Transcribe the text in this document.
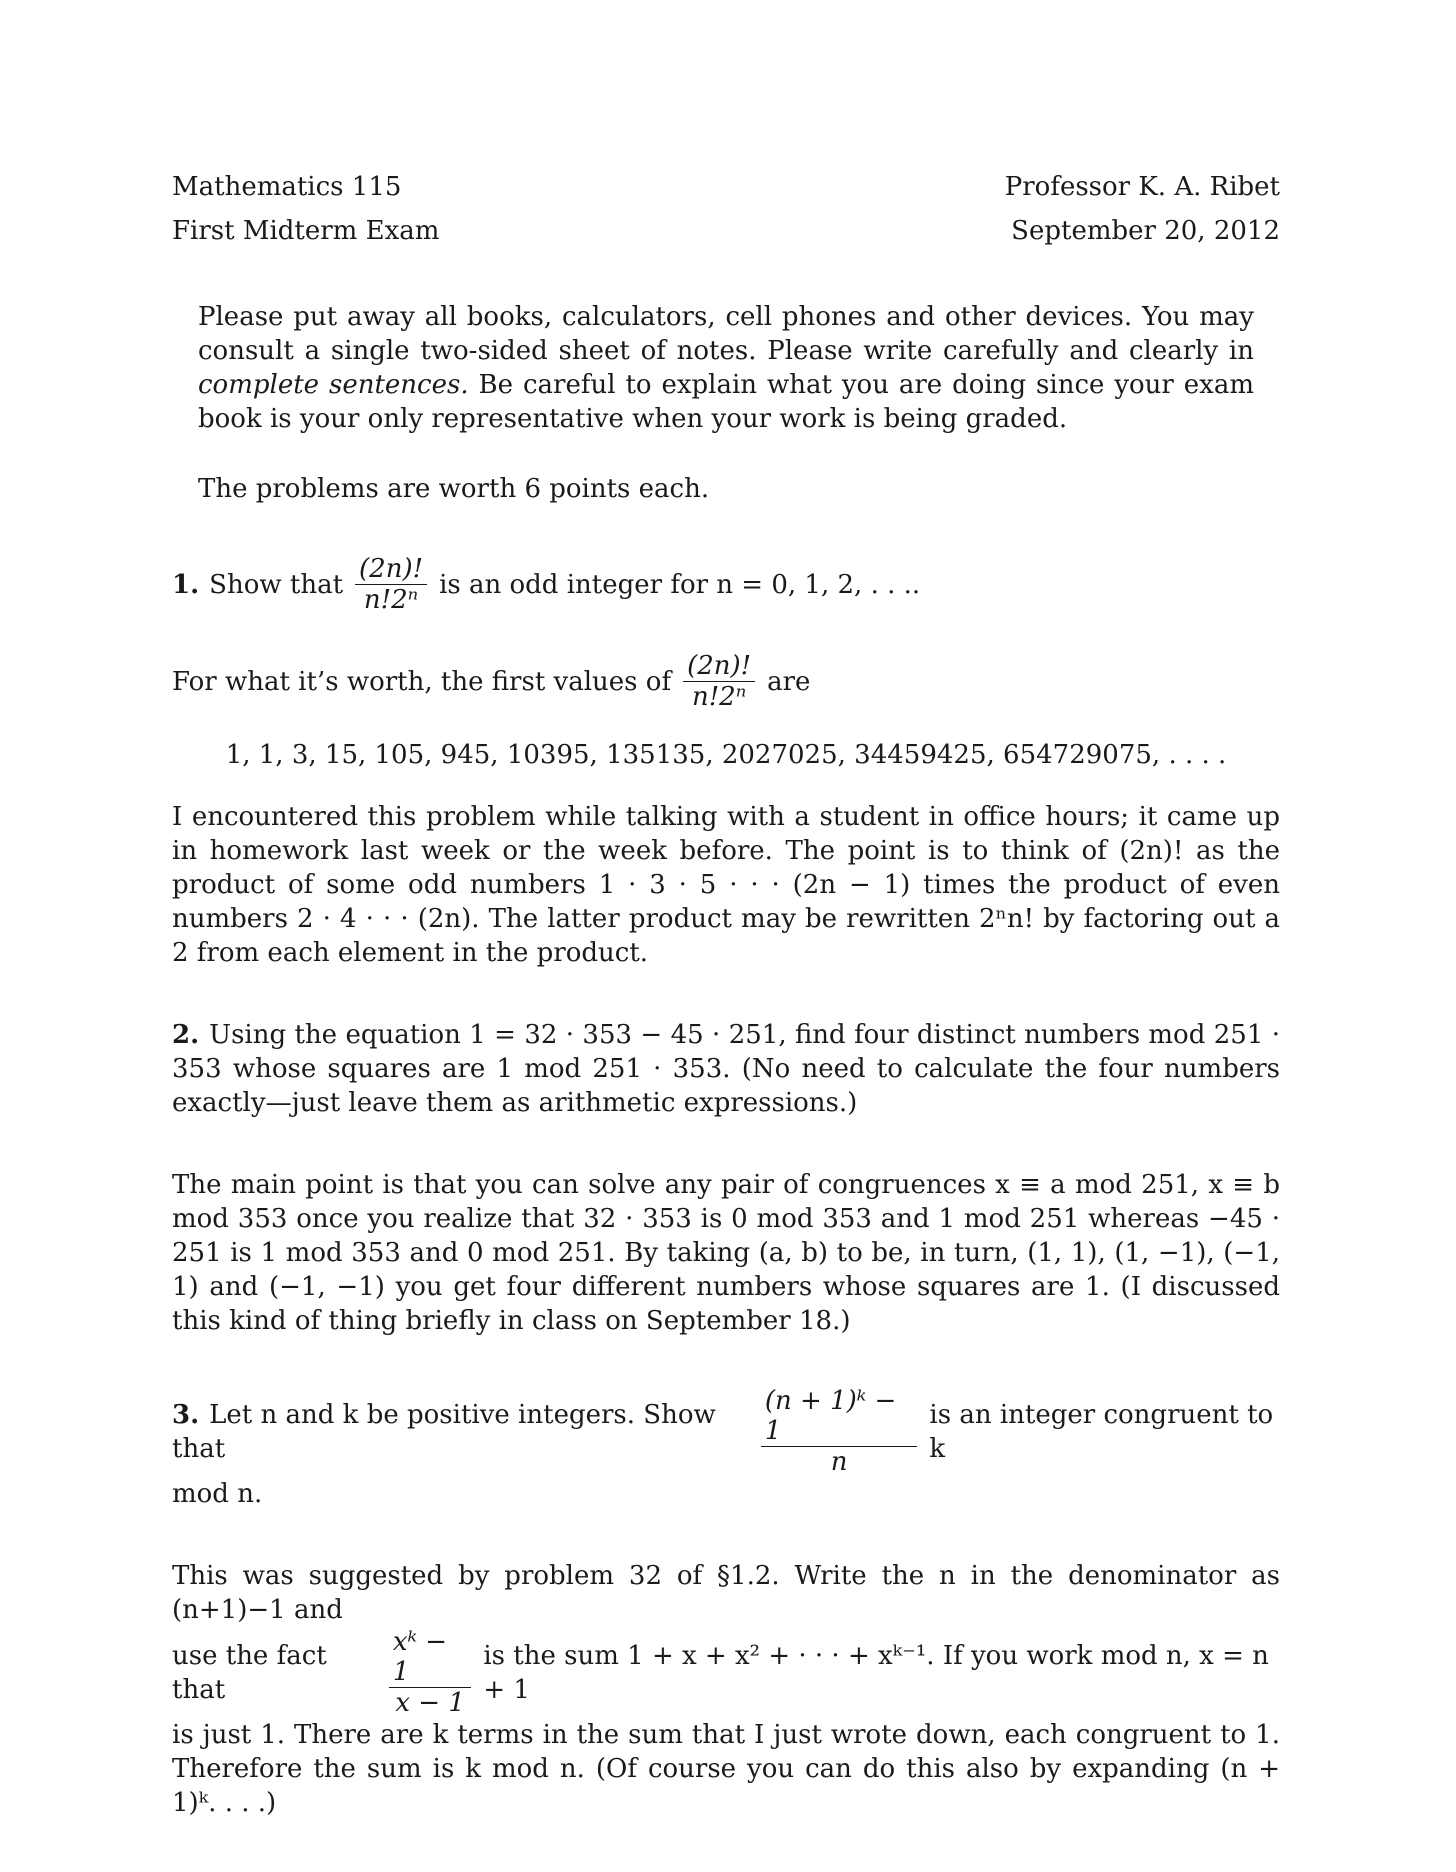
Mathematics 115	Professor K. A. Ribet
First Midterm Exam	September 20, 2012
Please put away all books, calculators, cell phones and other devices. You may consult a single two-sided sheet of notes. Please write carefully and clearly in complete sentences. Be careful to explain what you are doing since your exam book is your only representative when your work is being graded.
The problems are worth 6 points each.
1. Show that $\frac{(2n)!}{\text{n!2ⁿ}}$ is an odd integer for n = 0, 1, 2, . . ..
For what it’s worth, the first values of $\frac{(2n)!}{\text{n!2ⁿ}}$ are
1, 1, 3, 15, 105, 945, 10395, 135135, 2027025, 34459425, 654729075, . . . .
I encountered this problem while talking with a student in office hours; it came up in homework last week or the week before. The point is to think of (2n)! as the product of some odd numbers 1 · 3 · 5 · · · (2n − 1) times the product of even numbers 2 · 4 · · · (2n). The latter product may be rewritten 2ⁿn! by factoring out a 2 from each element in the product.
2. Using the equation 1 = 32 · 353 − 45 · 251, find four distinct numbers mod 251 · 353 whose squares are 1 mod 251 · 353. (No need to calculate the four numbers exactly—just leave them as arithmetic expressions.)
The main point is that you can solve any pair of congruences x ≡ a mod 251, x ≡ b mod 353 once you realize that 32 · 353 is 0 mod 353 and 1 mod 251 whereas −45 · 251 is 1 mod 353 and 0 mod 251. By taking (a, b) to be, in turn, (1, 1), (1, −1), (−1, 1) and (−1, −1) you get four different numbers whose squares are 1. (I discussed this kind of thing briefly in class on September 18.)
3. Let n and k be positive integers. Show that	$\frac{\text{(n + 1)ᵏ − 1}}{n}$ is an integer congruent to k
mod n.
This was suggested by problem 32 of §1.2. Write the n in the denominator as (n+1)−1 and
use the fact that	$\frac{\text{xᵏ − 1}}{x - 1}$ is the sum 1 + x + x² + · · · + xᵏ⁻¹. If you work mod n, x = n + 1
is just 1. There are k terms in the sum that I just wrote down, each congruent to 1. Therefore the sum is k mod n. (Of course you can do this also by expanding (n + 1)ᵏ. . . .)
